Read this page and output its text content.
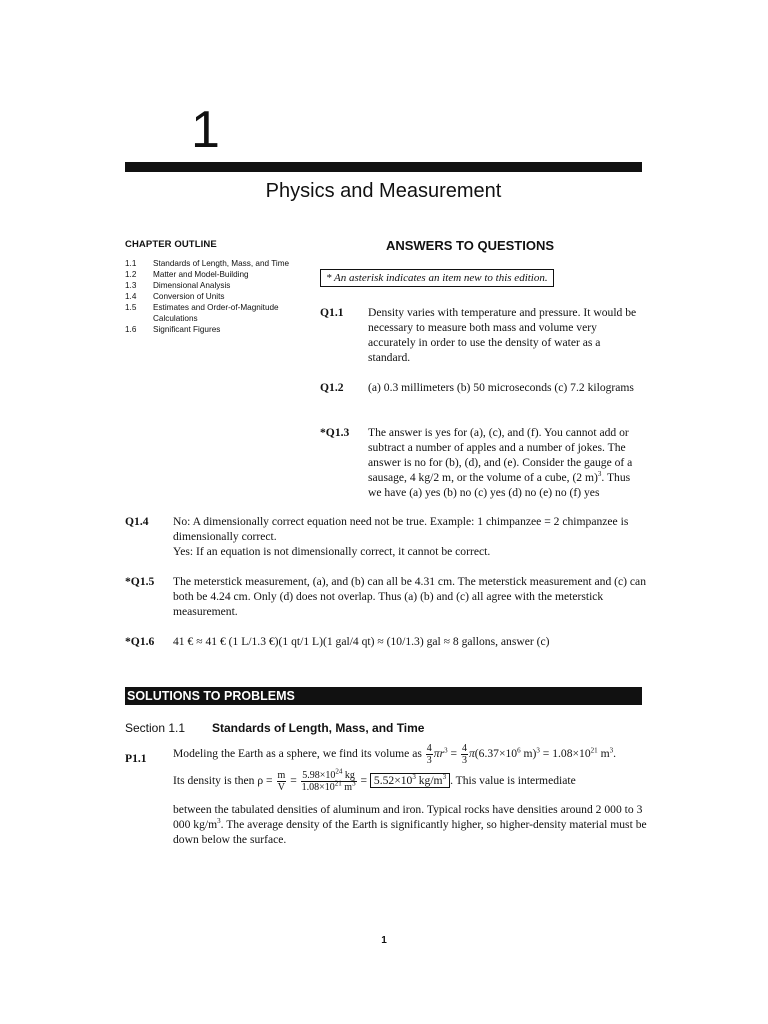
1
Physics and Measurement
CHAPTER OUTLINE
1.1	Standards of Length, Mass, and Time
1.2	Matter and Model-Building
1.3	Dimensional Analysis
1.4	Conversion of Units
1.5	Estimates and Order-of-Magnitude Calculations
1.6	Significant Figures
ANSWERS TO QUESTIONS
* An asterisk indicates an item new to this edition.
Q1.1 Density varies with temperature and pressure. It would be necessary to measure both mass and volume very accurately in order to use the density of water as a standard.
Q1.2 (a) 0.3 millimeters (b) 50 microseconds (c) 7.2 kilograms
*Q1.3 The answer is yes for (a), (c), and (f). You cannot add or subtract a number of apples and a number of jokes. The answer is no for (b), (d), and (e). Consider the gauge of a sausage, 4 kg/2 m, or the volume of a cube, (2 m)$^3$. Thus we have (a) yes (b) no (c) yes (d) no (e) no (f) yes
Q1.4 No: A dimensionally correct equation need not be true. Example: 1 chimpanzee = 2 chimpanzee is dimensionally correct.
Yes: If an equation is not dimensionally correct, it cannot be correct.
*Q1.5 The meterstick measurement, (a), and (b) can all be 4.31 cm. The meterstick measurement and (c) can both be 4.24 cm. Only (d) does not overlap. Thus (a) (b) and (c) all agree with the meterstick measurement.
*Q1.6 41 € ≈ 41 € (1 L/1.3 €)(1 qt/1 L)(1 gal/4 qt) ≈ (10/1.3) gal ≈ 8 gallons, answer (c)
SOLUTIONS TO PROBLEMS
Section 1.1 Standards of Length, Mass, and Time
P1.1 Modeling the Earth as a sphere, we find its volume as $\frac{4}{3} \pi r^3 = \frac{4}{3} \pi(6.37\times 10^6$ $m)^3 = 1.08\times 10^{21}$ $m^3$.
Its density is then $\rho = \frac{m}{V} = \frac{5.98\times 10^{24} kg}{1.08\times 10^{21} m^3} = 5.52\times 10^3$ $kg/m^3$ . This value is intermediate
between the tabulated densities of aluminum and iron. Typical rocks have densities around 2 000 to 3 000 $kg/m^3$. The average density of the Earth is significantly higher, so higher-density material must be down below the surface.
1
